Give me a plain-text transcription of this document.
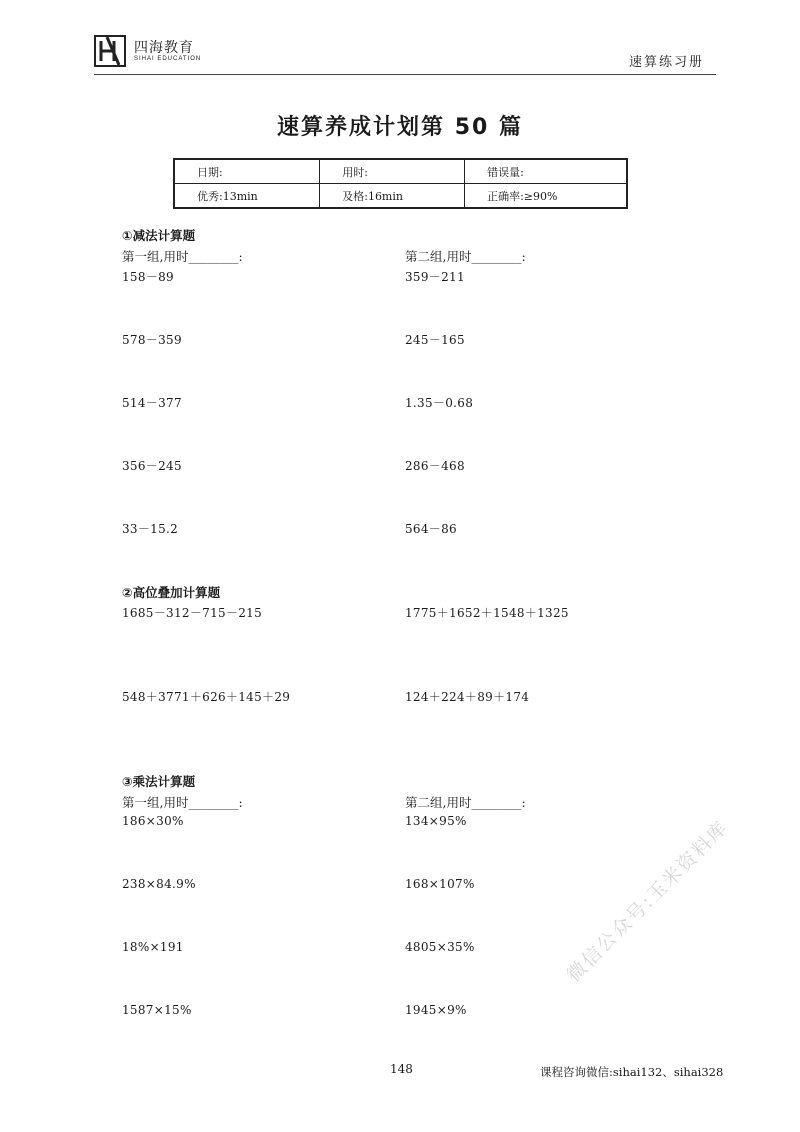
四海教育
SIHAI EDUCATION	速算练习册
速算养成计划第 50 篇
日期:	用时:	错误量:
优秀:13min	及格:16min	正确率:≥90%
①减法计算题
第一组,用时________:	第二组,用时________:
158－89
578－359
514－377
356－245
33－15.2
359－211
245－165
1.35－0.68
286－468
564－86
②高位叠加计算题
1685－312－715－215
548＋3771＋626＋145＋29
1775＋1652＋1548＋1325
124＋224＋89＋174
③乘法计算题
第一组,用时________:	第二组,用时________:
186×30%
238×84.9%
18%×191
1587×15%
134×95%
168×107%
4805×35%
1945×9%
微信公众号:玉米资料库
148	课程咨询微信:sihai132、sihai328
